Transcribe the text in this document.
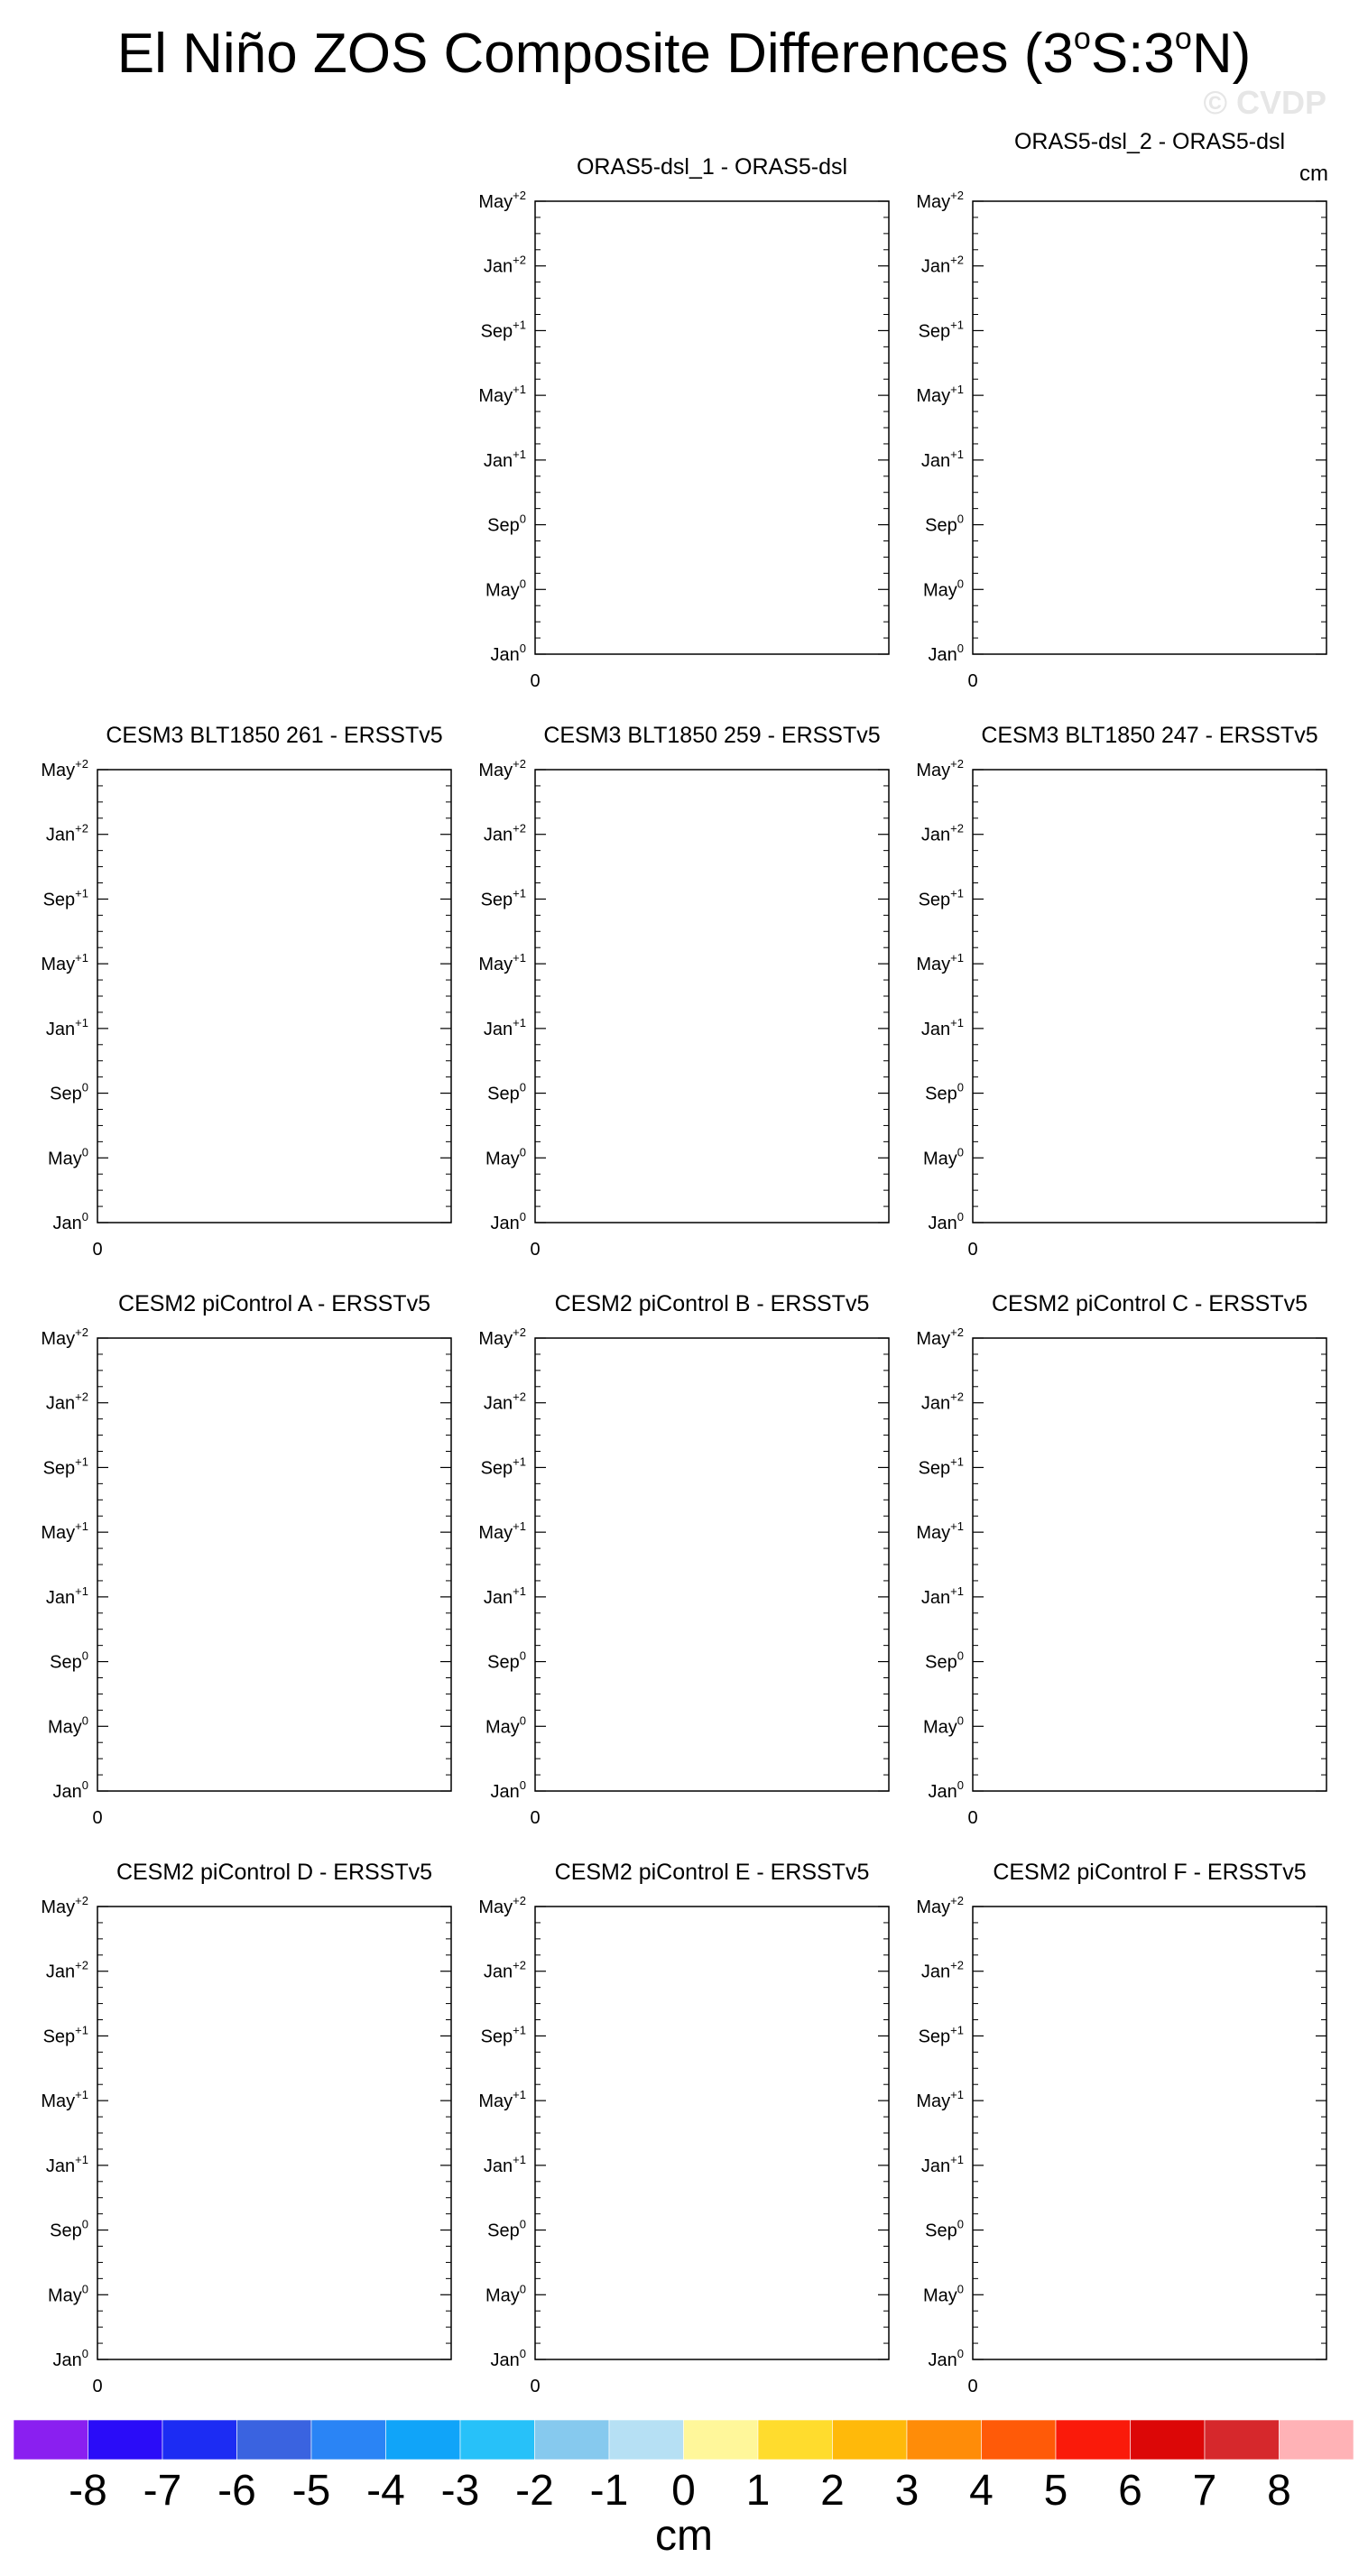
El Niño ZOS Composite Differences (3$^o$S:3$^o$N)
© CVDP
cm
ORAS5-dsl_1 - ORAS5-dsl
Jan$^0$
May$^0$
Sep$^0$
Jan$^{+1}$
May$^{+1}$
Sep$^{+1}$
Jan$^{+2}$
May$^{+2}$
0
ORAS5-dsl_2 - ORAS5-dsl
Jan$^0$
May$^0$
Sep$^0$
Jan$^{+1}$
May$^{+1}$
Sep$^{+1}$
Jan$^{+2}$
May$^{+2}$
0
CESM3 BLT1850 261 - ERSSTv5
Jan$^0$
May$^0$
Sep$^0$
Jan$^{+1}$
May$^{+1}$
Sep$^{+1}$
Jan$^{+2}$
May$^{+2}$
0
CESM3 BLT1850 259 - ERSSTv5
Jan$^0$
May$^0$
Sep$^0$
Jan$^{+1}$
May$^{+1}$
Sep$^{+1}$
Jan$^{+2}$
May$^{+2}$
0
CESM3 BLT1850 247 - ERSSTv5
Jan$^0$
May$^0$
Sep$^0$
Jan$^{+1}$
May$^{+1}$
Sep$^{+1}$
Jan$^{+2}$
May$^{+2}$
0
CESM2 piControl A - ERSSTv5
Jan$^0$
May$^0$
Sep$^0$
Jan$^{+1}$
May$^{+1}$
Sep$^{+1}$
Jan$^{+2}$
May$^{+2}$
0
CESM2 piControl B - ERSSTv5
Jan$^0$
May$^0$
Sep$^0$
Jan$^{+1}$
May$^{+1}$
Sep$^{+1}$
Jan$^{+2}$
May$^{+2}$
0
CESM2 piControl C - ERSSTv5
Jan$^0$
May$^0$
Sep$^0$
Jan$^{+1}$
May$^{+1}$
Sep$^{+1}$
Jan$^{+2}$
May$^{+2}$
0
CESM2 piControl D - ERSSTv5
Jan$^0$
May$^0$
Sep$^0$
Jan$^{+1}$
May$^{+1}$
Sep$^{+1}$
Jan$^{+2}$
May$^{+2}$
0
CESM2 piControl E - ERSSTv5
Jan$^0$
May$^0$
Sep$^0$
Jan$^{+1}$
May$^{+1}$
Sep$^{+1}$
Jan$^{+2}$
May$^{+2}$
0
CESM2 piControl F - ERSSTv5
Jan$^0$
May$^0$
Sep$^0$
Jan$^{+1}$
May$^{+1}$
Sep$^{+1}$
Jan$^{+2}$
May$^{+2}$
0
-8 -7 -6 -5 -4 -3 -2 -1 0 1 2 3 4 5 6 7 8
cm
